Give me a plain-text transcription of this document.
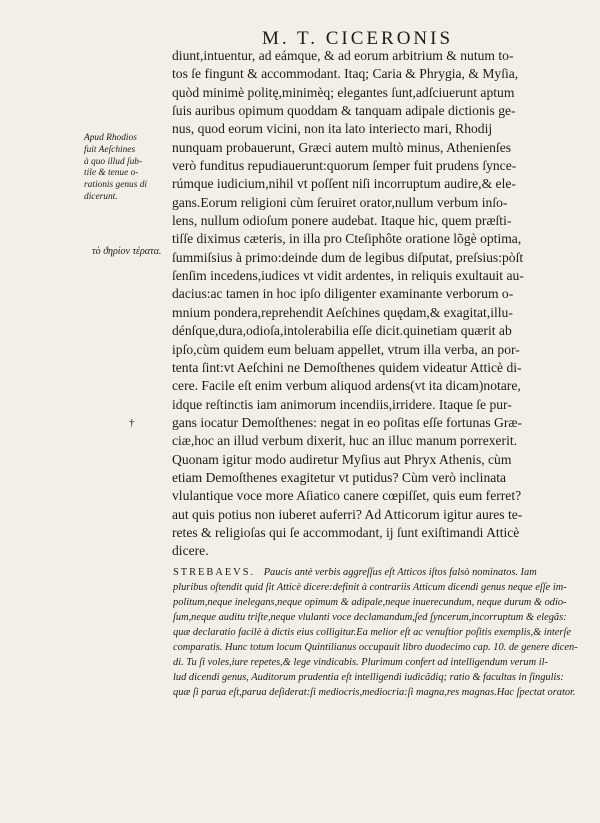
M. T. CICERONIS
diunt,intuentur, ad eámque, & ad eorum arbitrium & nutum to-
tos ſe fingunt & accommodant. Itaq; Caria & Phrygia, & Myſia,
quòd minimè politę,minimèq; elegantes ſunt,adſciuerunt aptum
ſuis auribus opimum quoddam & tanquam adipale dictionis ge-
nus, quod eorum vicini, non ita lato interiecto mari, Rhodij
nunquam probauerunt, Græci autem multò minus, Athenienſes
verò funditus repudiauerunt:quorum ſemper fuit prudens ſynce-
rúmque iudicium,nihil vt poſſent niſi incorruptum audire,& ele-
gans.Eorum religioni cùm ſeruiret orator,nullum verbum inſo-
lens, nullum odioſum ponere audebat. Itaque hic, quem præſti-
tiſſe diximus cæteris, in illa pro Cteſiphôte oratione lõgè optima,
ſummiſsius à primo:deinde dum de legibus diſputat, preſsius:pòſt
ſenſim incedens,iudices vt vidit ardentes, in reliquis exultauit au-
dacius:ac tamen in hoc ipſo diligenter examinante verborum o-
mnium pondera,reprehendit Aeſchines quędam,& exagitat,illu-
dénſque,dura,odioſa,intolerabilia eſſe dicit.quinetiam quærit ab
ipſo,cùm quidem eum beluam appellet, vtrum illa verba, an por-
tenta ſint:vt Aeſchini ne Demoſthenes quidem videatur Atticè di-
cere. Facile eſt enim verbum aliquod ardens(vt ita dicam)notare,
idque reſtinctis iam animorum incendiis,irridere. Itaque ſe pur-
gans iocatur Demoſthenes: negat in eo poſitas eſſe fortunas Græ-
ciæ,hoc an illud verbum dixerit, huc an illuc manum porrexerit.
Quonam igitur modo audiretur Myſius aut Phryx Athenis, cùm
etiam Demoſthenes exagitetur vt putidus? Cùm verò inclinata
vlulantique voce more Aſiatico canere cœpiſſet, quis eum ferret?
aut quis potius non iuberet auferri? Ad Atticorum igitur aures te-
retes & religioſas qui ſe accommodant, ij ſunt exiſtimandi Atticè
dicere.
Apud Rhodios
fuit Aeſchines
à quo illud ſub-
tile & tenue o-
rationis genus di
dicerunt.
τὸ ϑηρίον τέρατα.
†
STREBAEVS. Paucis antè verbis aggreſſus eſt Atticos iſtos falsò nominatos. Iam
pluribus oſtendit quid ſit Atticè dicere:definit à contrariis Atticum dicendi genus neque eſſe im-
politum,neque inelegans,neque opimum & adipale,neque inuerecundum, neque durum & odio-
ſum,neque auditu triſte,neque vlulanti voce declamandum,ſed ſyncerum,incorruptum & elegãs:
quæ declaratio facilè à dictis eius colligitur.Ea melior eſt ac venuſtior poſitis exemplis,& interſe
comparatis. Hunc totum locum Quintilianus occupauit libro duodecimo cap. 10. de genere dicen-
di. Tu ſi voles,iure repetes,& lege vindicabis. Plurimum confert ad intelligendum verum il-
lud dicendi genus, Auditorum prudentia eſt intelligendi iudicãdiq; ratio & facultas in ſingulis:
quæ ſi parua eſt,parua deſiderat:ſi mediocris,mediocria:ſi magna,res magnas.Hac ſpectat orator.
